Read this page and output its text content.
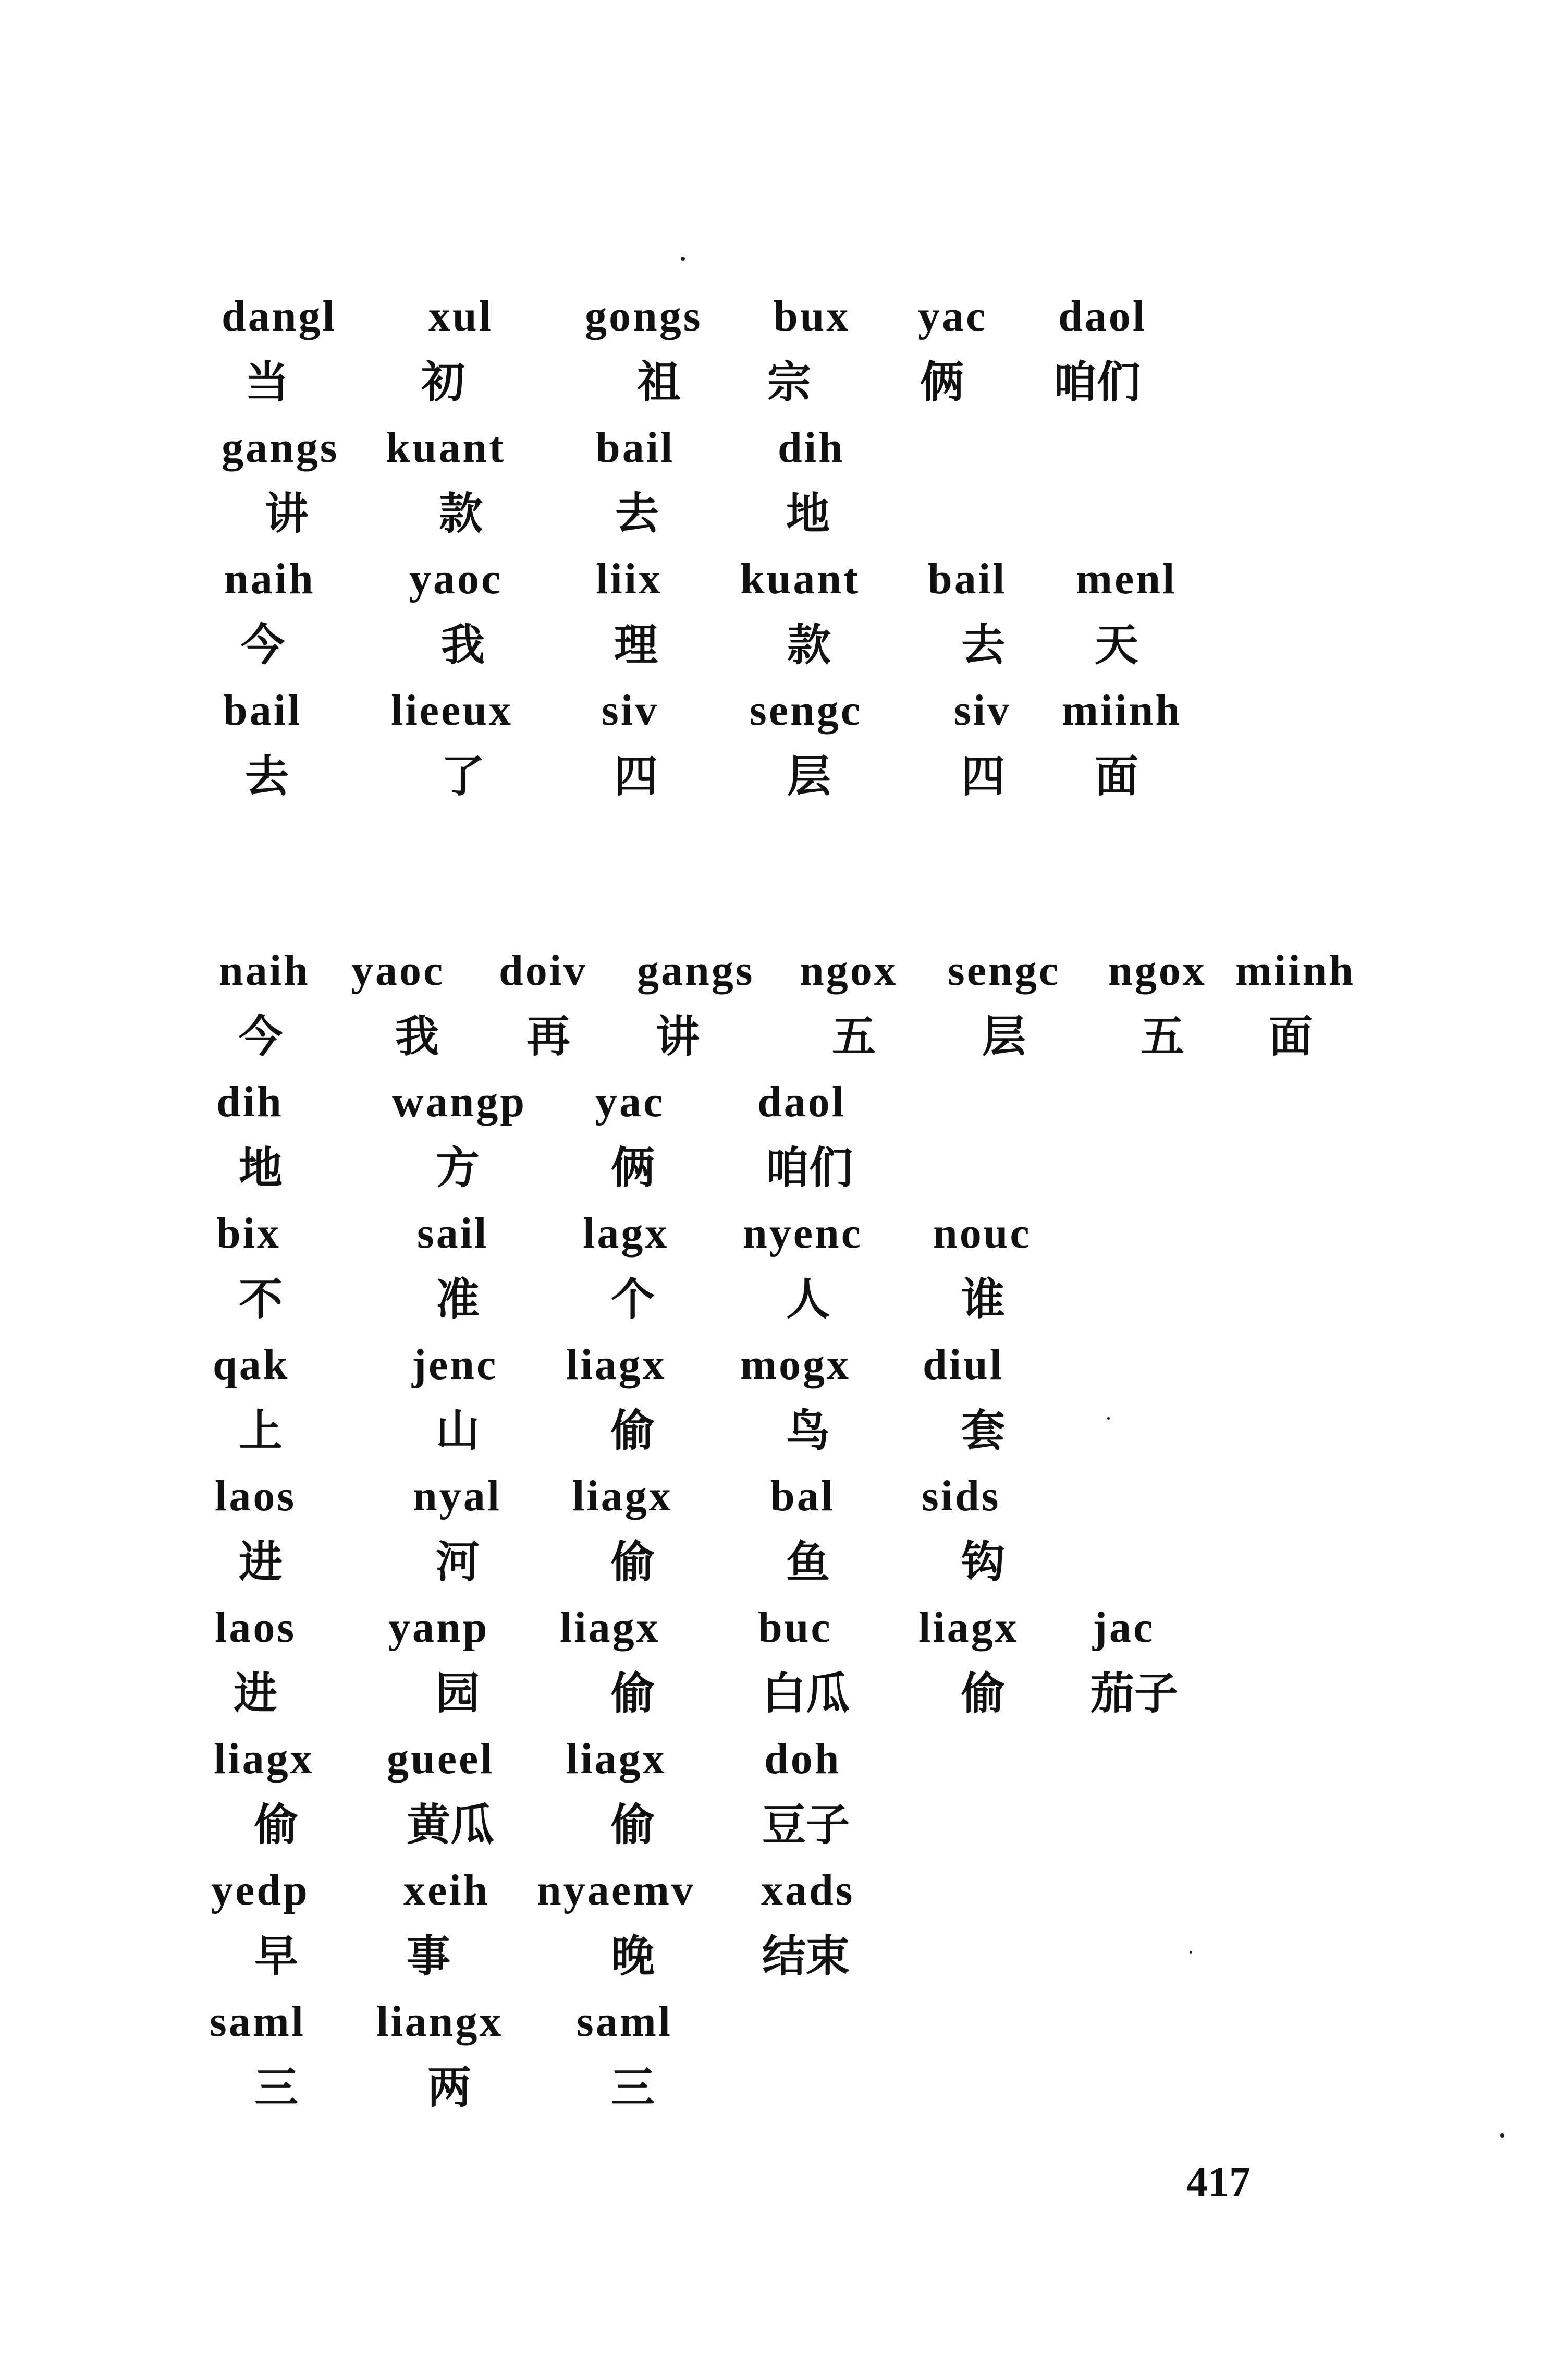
dangl xul gongs bux yac daol
当	初	祖 宗 俩 咱们
gangs kuant bail dih
讲	款	去	地
naih yaoc liix kuant bail menl
今	我	理	款	去 天
bail lieeux siv sengc siv miinh
去	了	四	层	四 面
naih yaoc doiv gangs ngox sengc ngox miinh
今	我 再 讲	五 层	五 面
dih wangp yac daol
地	方	俩	咱们
bix	sail lagx nyenc nouc
不	准	个	人	谁
qak	jenc liagx mogx diul
上	山	偷	鸟	套
laos	nyal liagx bal sids
进	河	偷	鱼	钩
laos yanp liagx buc liagx jac
进	园	偷 白瓜	偷 茄子
liagx gueel liagx doh
偷 黄瓜	偷 豆子
yedp xeih nyaemv xads
早 事	晚 结束
saml liangx saml
三	两	三
417
